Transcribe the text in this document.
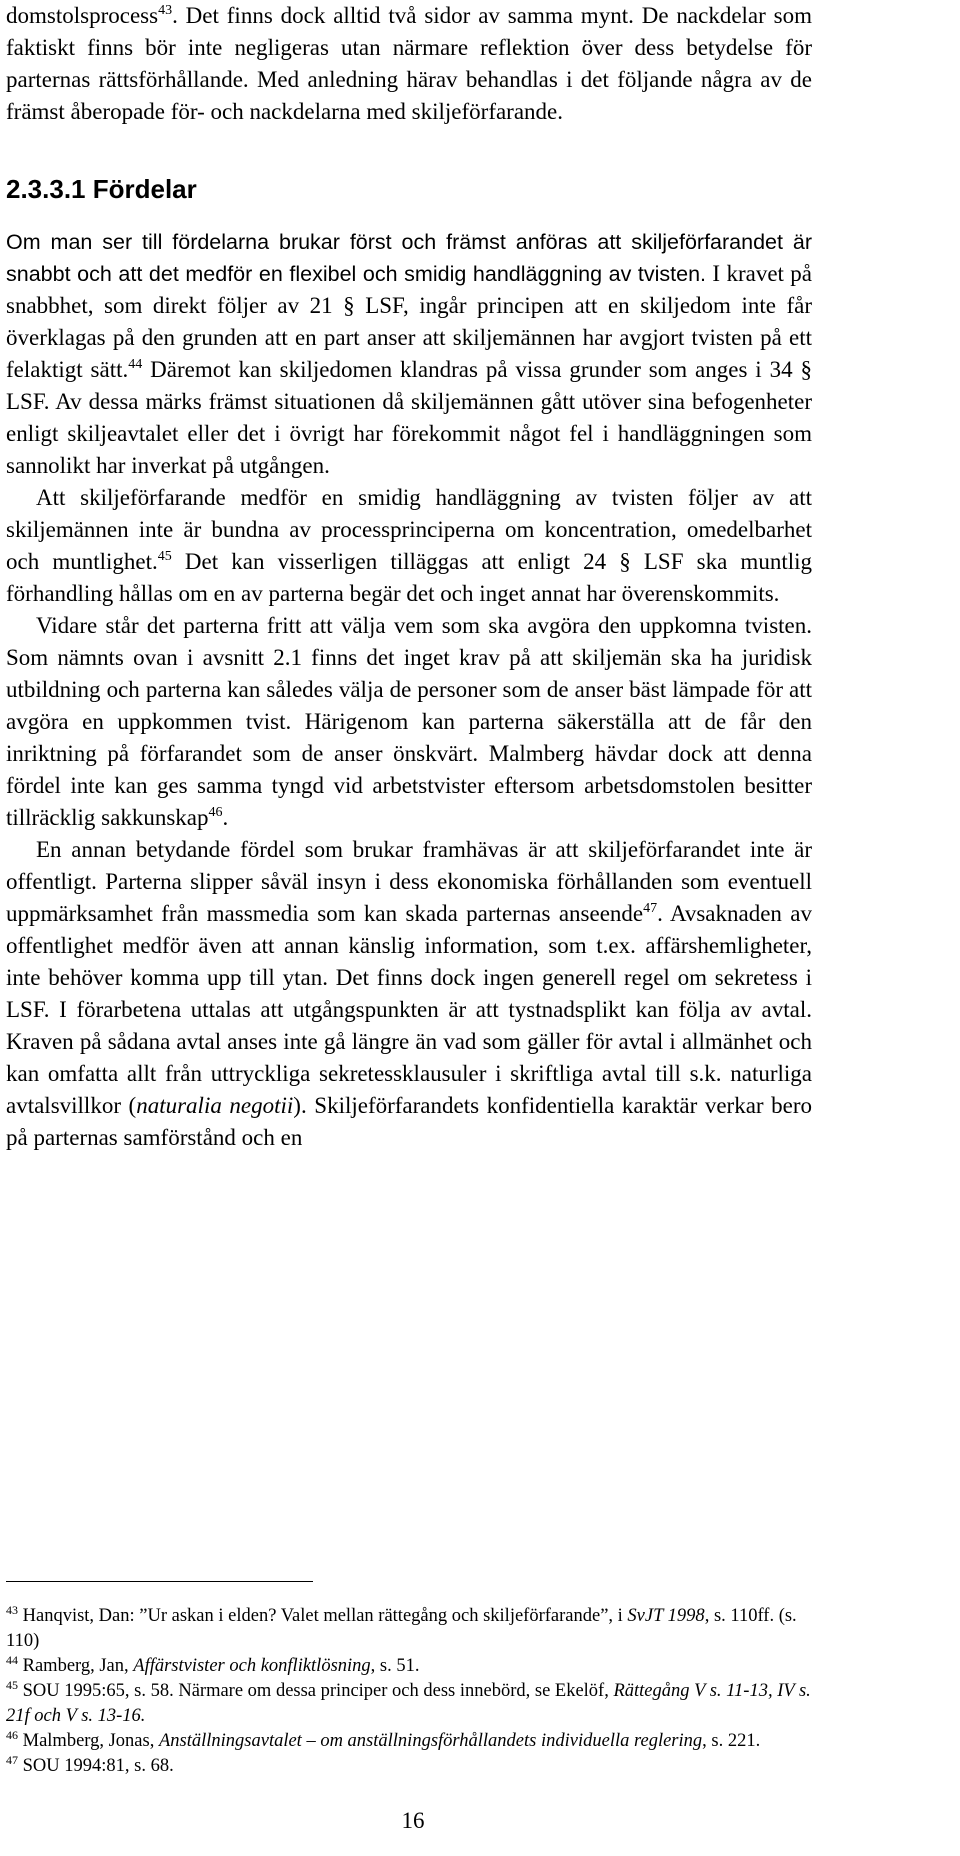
domstolsprocess$^{43}$. Det finns dock alltid två sidor av samma mynt. De nackdelar som faktiskt finns bör inte negligeras utan närmare reflektion över dess betydelse för parternas rättsförhållande. Med anledning härav behandlas i det följande några av de främst åberopade för- och nackdelarna med skiljeförfarande.

2.3.3.1 Fördelar

Om man ser till fördelarna brukar först och främst anföras att skiljeförfarandet är snabbt och att det medför en flexibel och smidig handläggning av tvisten. I kravet på snabbhet, som direkt följer av 21 § LSF, ingår principen att en skiljedom inte får överklagas på den grunden att en part anser att skiljemännen har avgjort tvisten på ett felaktigt sätt.$^{44}$ Däremot kan skiljedomen klandras på vissa grunder som anges i 34 § LSF. Av dessa märks främst situationen då skiljemännen gått utöver sina befogenheter enligt skiljeavtalet eller det i övrigt har förekommit något fel i handläggningen som sannolikt har inverkat på utgången.

Att skiljeförfarande medför en smidig handläggning av tvisten följer av att skiljemännen inte är bundna av processprinciperna om koncentration, omedelbarhet och muntlighet.$^{45}$ Det kan visserligen tilläggas att enligt 24 § LSF ska muntlig förhandling hållas om en av parterna begär det och inget annat har överenskommits.

Vidare står det parterna fritt att välja vem som ska avgöra den uppkomna tvisten. Som nämnts ovan i avsnitt 2.1 finns det inget krav på att skiljemän ska ha juridisk utbildning och parterna kan således välja de personer som de anser bäst lämpade för att avgöra en uppkommen tvist. Härigenom kan parterna säkerställa att de får den inriktning på förfarandet som de anser önskvärt. Malmberg hävdar dock att denna fördel inte kan ges samma tyngd vid arbetstvister eftersom arbetsdomstolen besitter tillräcklig sakkunskap$^{46}$.

En annan betydande fördel som brukar framhävas är att skiljeförfarandet inte är offentligt. Parterna slipper såväl insyn i dess ekonomiska förhållanden som eventuell uppmärksamhet från massmedia som kan skada parternas anseende$^{47}$. Avsaknaden av offentlighet medför även att annan känslig information, som t.ex. affärshemligheter, inte behöver komma upp till ytan. Det finns dock ingen generell regel om sekretess i LSF. I förarbetena uttalas att utgångspunkten är att tystnadsplikt kan följa av avtal. Kraven på sådana avtal anses inte gå längre än vad som gäller för avtal i allmänhet och kan omfatta allt från uttryckliga sekretessklausuler i skriftliga avtal till s.k. naturliga avtalsvillkor (naturalia negotii). Skiljeförfarandets konfidentiella karaktär verkar bero på parternas samförstånd och en

$^{43}$ Hanqvist, Dan: ”Ur askan i elden? Valet mellan rättegång och skiljeförfarande”, i SvJT 1998, s. 110ff. (s. 110)

$^{44}$ Ramberg, Jan, Affärstvister och konfliktlösning, s. 51.

$^{45}$ SOU 1995:65, s. 58. Närmare om dessa principer och dess innebörd, se Ekelöf, Rättegång V s. 11-13, IV s. 21f och V s. 13-16.

$^{46}$ Malmberg, Jonas, Anställningsavtalet – om anställningsförhållandets individuella reglering, s. 221.

$^{47}$ SOU 1994:81, s. 68.

16
